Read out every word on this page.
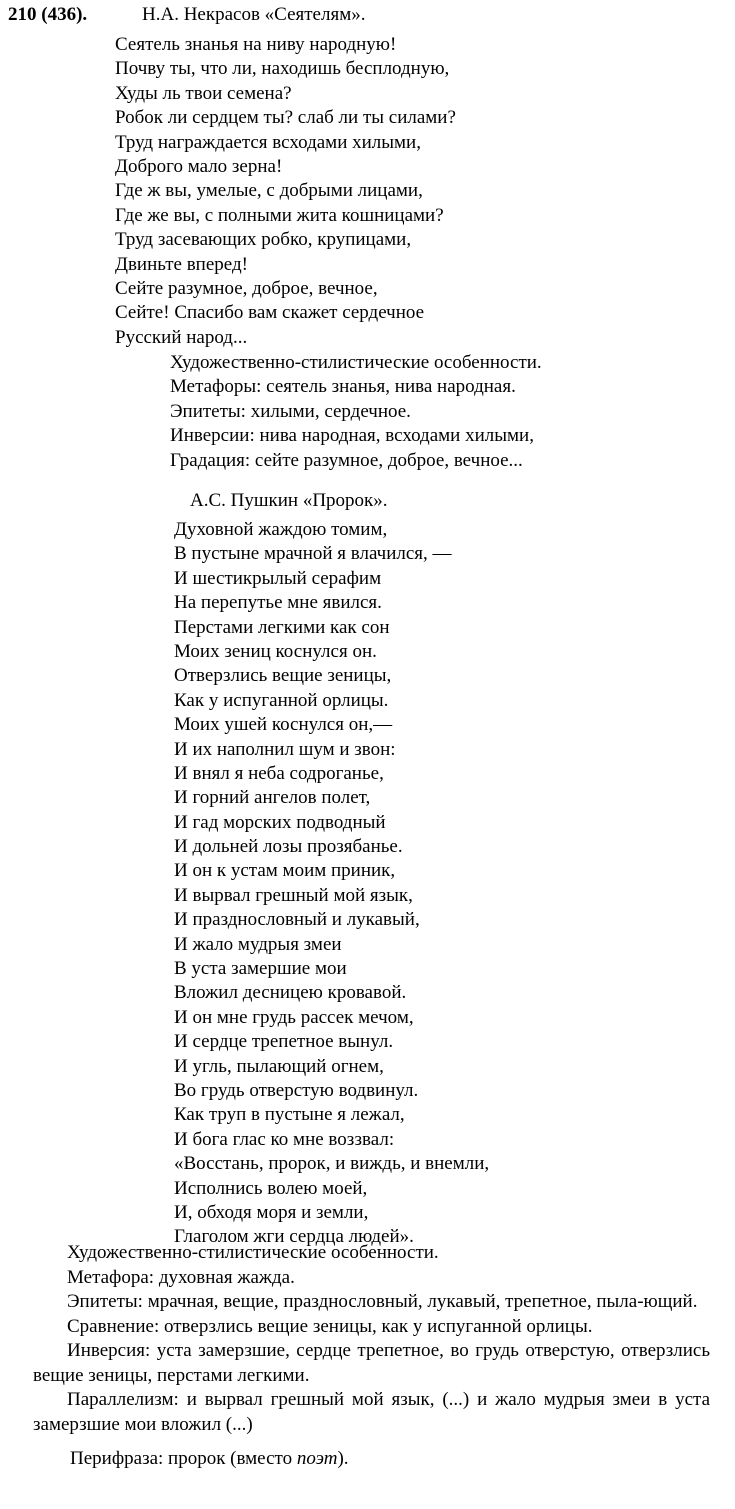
210 (436).	Н.А. Некрасов «Сеятелям».
Сеятель знанья на ниву народную!
Почву ты, что ли, находишь бесплодную,
Худы ль твои семена?
Робок ли сердцем ты? слаб ли ты силами?
Труд награждается всходами хилыми,
Доброго мало зерна!
Где ж вы, умелые, с добрыми лицами,
Где же вы, с полными жита кошницами?
Труд засевающих робко, крупицами,
Двиньте вперед!
Сейте разумное, доброе, вечное,
Сейте! Спасибо вам скажет сердечное
Русский народ...
Художественно-стилистические особенности.
Метафоры: сеятель знанья, нива народная.
Эпитеты: хилыми, сердечное.
Инверсии: нива народная, всходами хилыми,
Градация: сейте разумное, доброе, вечное...
А.С. Пушкин «Пророк».
Духовной жаждою томим,
В пустыне мрачной я влачился, —
И шестикрылый серафим
На перепутье мне явился.
Перстами легкими как сон
Моих зениц коснулся он.
Отверзлись вещие зеницы,
Как у испуганной орлицы.
Моих ушей коснулся он,—
И их наполнил шум и звон:
И внял я неба содроганье,
И горний ангелов полет,
И гад морских подводный
И дольней лозы прозябанье.
И он к устам моим приник,
И вырвал грешный мой язык,
И празднословный и лукавый,
И жало мудрыя змеи
В уста замершие мои
Вложил десницею кровавой.
И он мне грудь рассек мечом,
И сердце трепетное вынул.
И угль, пылающий огнем,
Во грудь отверстую водвинул.
Как труп в пустыне я лежал,
И бога глас ко мне воззвал:
«Восстань, пророк, и виждь, и внемли,
Исполнись волею моей,
И, обходя моря и земли,
Глаголом жги сердца людей».

Художественно-стилистические особенности.

Метафора: духовная жажда.

Эпитеты: мрачная, вещие, празднословный, лукавый, трепетное, пыла-ющий.

Сравнение: отверзлись вещие зеницы, как у испуганной орлицы.

Инверсия: уста замерзшие, сердце трепетное, во грудь отверстую, отверзлись вещие зеницы, перстами легкими.

Параллелизм: и вырвал грешный мой язык, (...) и жало мудрыя змеи в уста замерзшие мои вложил (...)

Перифраза: пророк (вместо поэт).
